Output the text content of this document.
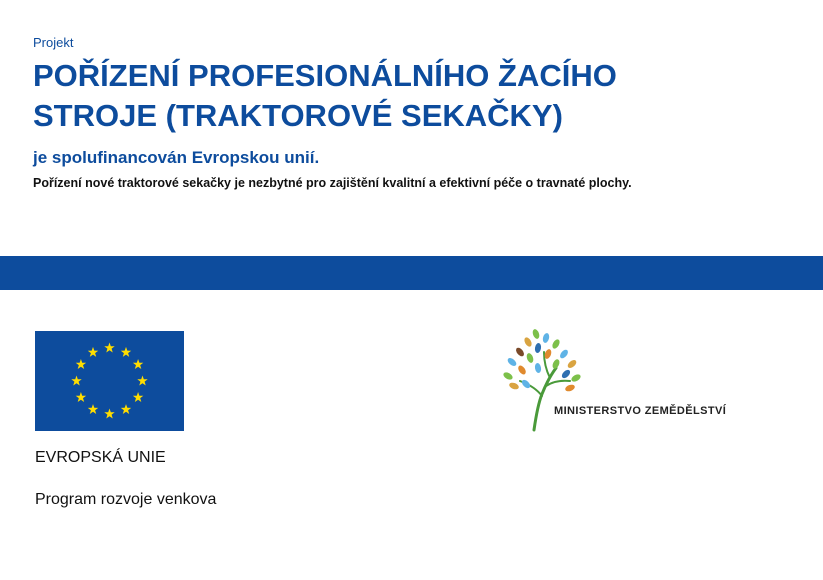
Projekt
POŘÍZENÍ PROFESIONÁLNÍHO ŽACÍHO
STROJE (TRAKTOROVÉ SEKAČKY)
je spolufinancován Evropskou unií.
Pořízení nové traktorové sekačky je nezbytné pro zajištění kvalitní a efektivní péče o travnaté plochy.
EVROPSKÁ UNIE
Program rozvoje venkova
MINISTERSTVO ZEMĚDĚLSTVÍ
